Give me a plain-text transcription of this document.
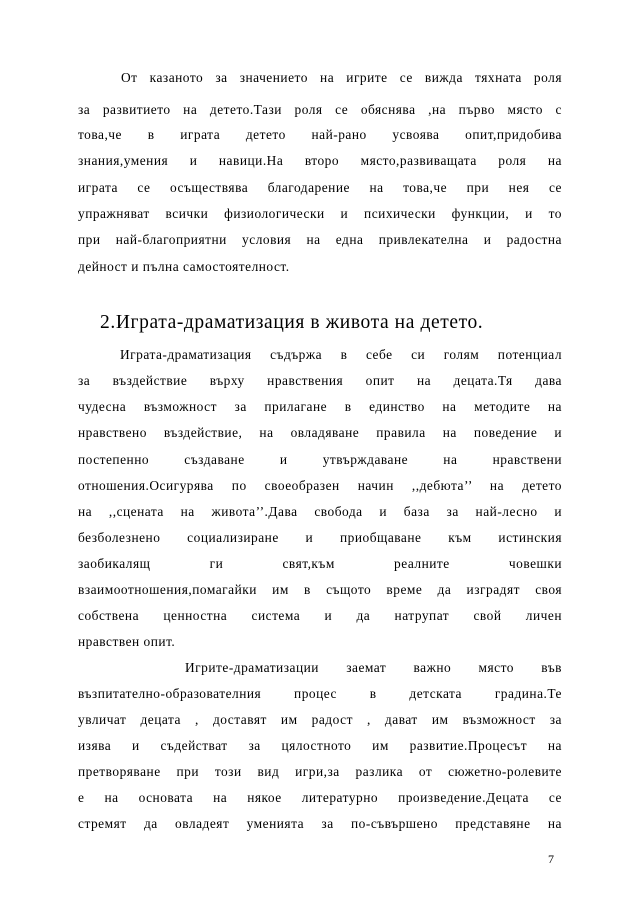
От казаното за значението на игрите се вижда тяхната роля
за развитието на детето.Тази роля се обяснява ,на първо място с
това,че в играта детето най-рано усвоява опит,придобива
знания,умения и навици.На второ място,развиващата роля на
играта се осъществява благодарение на това,че при нея се
упражняват всички физиологически и психически функции, и то
при най-благоприятни условия на една привлекателна и радостна
дейност и пълна самостоятелност.
2.Играта-драматизация в живота на детето.
Играта-драматизация съдържа в себе си голям потенциал
за въздействие върху нравствения опит на децата.Тя дава
чудесна възможност за прилагане в единство на методите на
нравствено въздействие, на овладяване правила на поведение и
постепенно създаване и утвърждаване на нравствени
отношения.Осигурява по своеобразен начин ,,дебюта’’ на детето
на ,,сцената на живота’’.Дава свобода и база за най-лесно и
безболезнено социализиране и приобщаване към истинския
заобикалящ ги свят,към реалните човешки
взаимоотношения,помагайки им в същото време да изградят своя
собствена ценностна система и да натрупат свой личен
нравствен опит.
Игрите-драматизации заемат важно място във
възпитателно-образователния процес в детската градина.Те
увличат децата , доставят им радост , дават им възможност за
изява и съдействат за цялостното им развитие.Процесът на
претворяване при този вид игри,за разлика от сюжетно-ролевите
е на основата на някое литературно произведение.Децата се
стремят да овладеят уменията за по-съвършено представяне на
7
